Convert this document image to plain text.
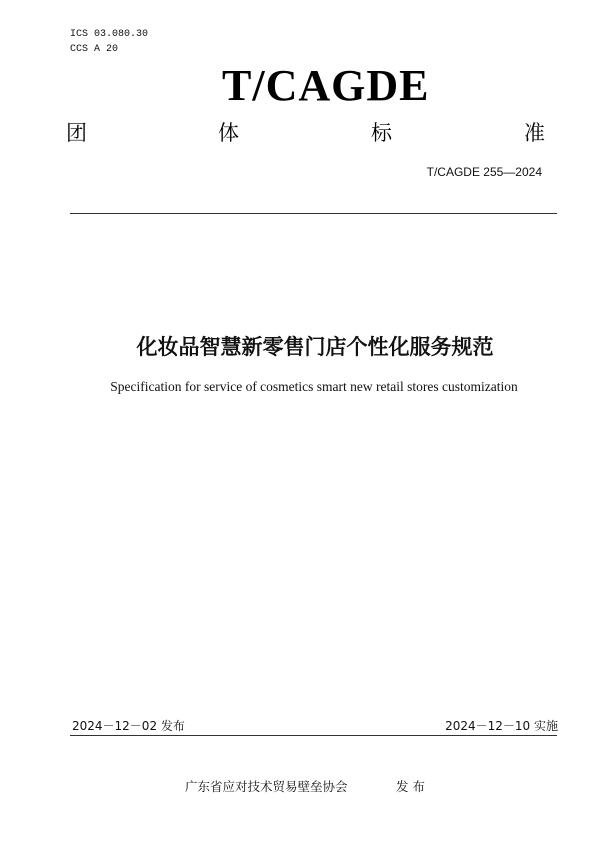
ICS 03.080.30
CCS A 20
T/CAGDE
团	体	标	准
T/CAGDE 255—2024
化妆品智慧新零售门店个性化服务规范
Specification for service of cosmetics smart new retail stores customization
2024－12－02 发布	2024－12－10 实施
广东省应对技术贸易壁垒协会	发 布
